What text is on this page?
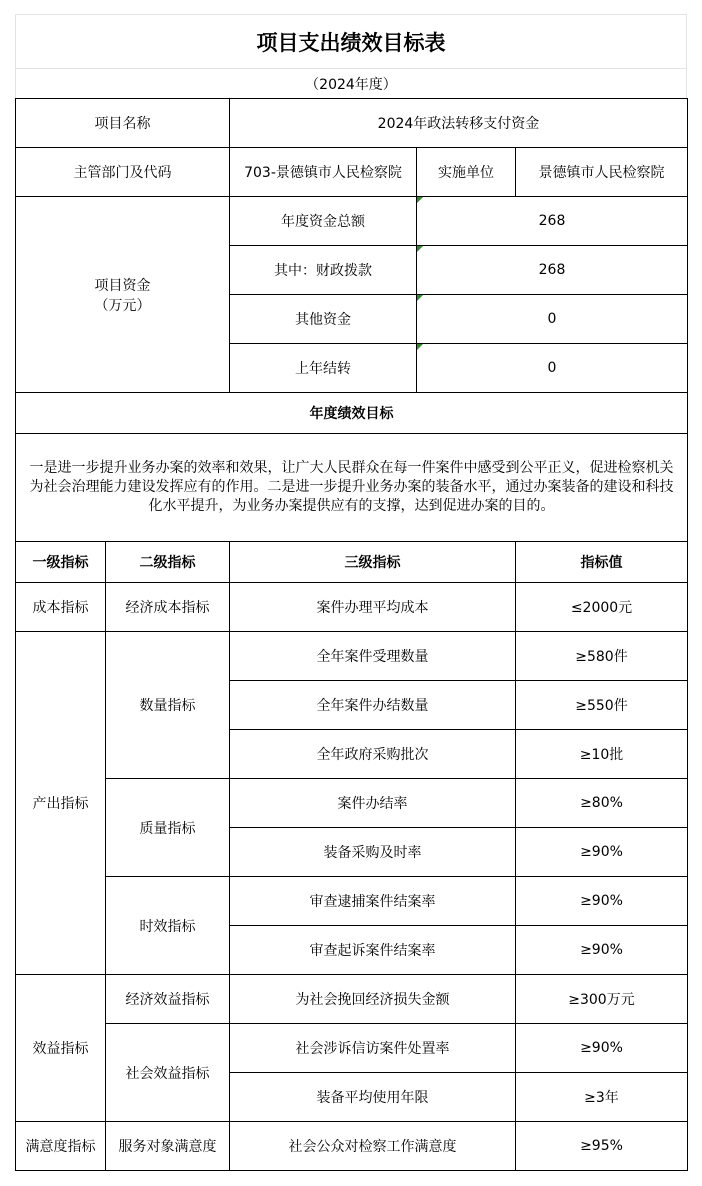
项目支出绩效目标表
（2024年度）
项目名称		2024年政法转移支付资金		
主管部门及代码		703-景德镇市人民检察院	实施单位	景德镇市人民检察院

项目资金
（万元）		年度资金总额	268	
		其中：财政拨款	268	
		其他资金	0	
		上年结转	0	
年度绩效目标				
一是进一步提升业务办案的效率和效果，让广大人民群众在每一件案件中感受到公平正义，促进检察机关为社会治理能力建设发挥应有的作用。二是进一步提升业务办案的装备水平，通过办案装备的建设和科技化水平提升，为业务办案提供应有的支撑，达到促进办案的目的。				
一级指标	二级指标	三级指标		指标值
成本指标	经济成本指标	案件办理平均成本		≤2000元
产出指标	数量指标	全年案件受理数量		≥580件
		全年案件办结数量		≥550件
		全年政府采购批次		≥10批
	质量指标	案件办结率		≥80%
		装备采购及时率		≥90%
	时效指标	审查逮捕案件结案率		≥90%
		审查起诉案件结案率		≥90%
效益指标	经济效益指标	为社会挽回经济损失金额		≥300万元
	社会效益指标	社会涉诉信访案件处置率		≥90%
		装备平均使用年限		≥3年
满意度指标	服务对象满意度	社会公众对检察工作满意度		≥95%
